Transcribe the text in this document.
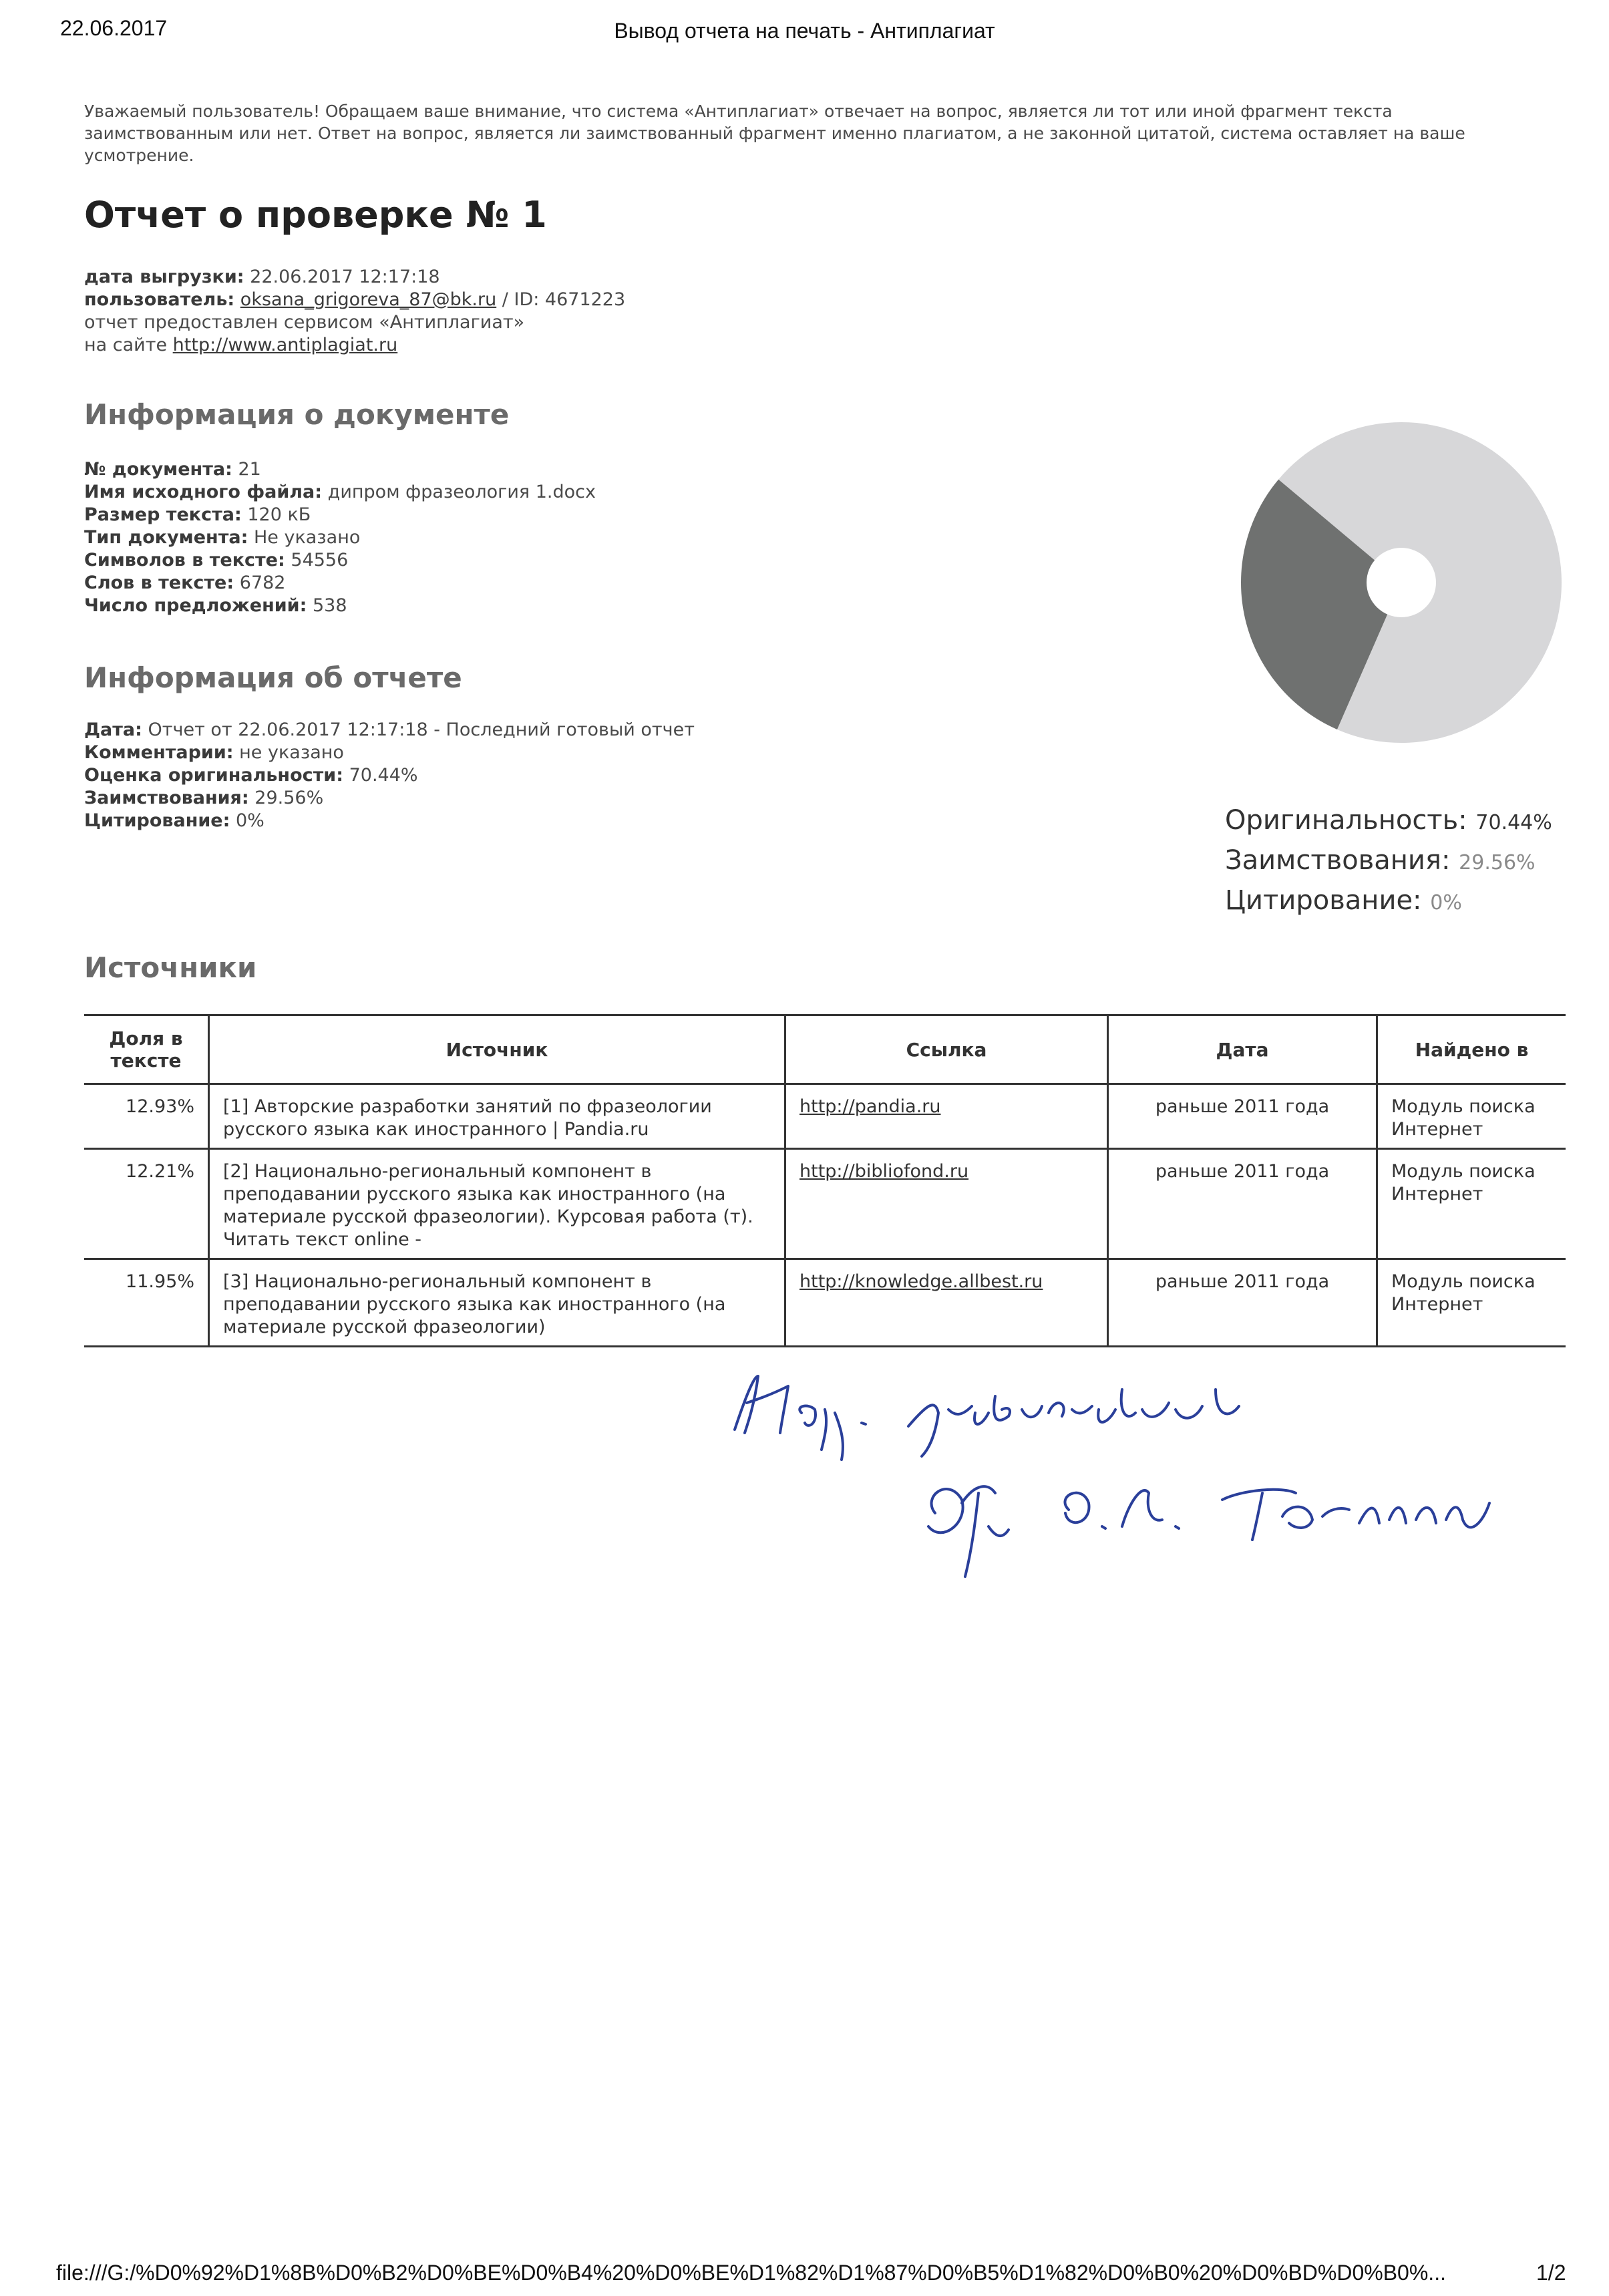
22.06.2017	Вывод отчета на печать - Антиплагиат

Уважаемый пользователь! Обращаем ваше внимание, что система «Антиплагиат» отвечает на вопрос, является ли тот или иной фрагмент текста заимствованным или нет. Ответ на вопрос, является ли заимствованный фрагмент именно плагиатом, а не законной цитатой, система оставляет на ваше усмотрение.

Отчет о проверке № 1
дата выгрузки: 22.06.2017 12:17:18
пользователь: oksana_grigoreva_87@bk.ru / ID: 4671223
отчет предоставлен сервисом «Антиплагиат»
на сайте http://www.antiplagiat.ru
Информация о документе
№ документа: 21
Имя исходного файла: дипром фразеология 1.docx
Размер текста: 120 кБ
Тип документа: Не указано
Символов в тексте: 54556
Слов в тексте: 6782
Число предложений: 538
Информация об отчете
Дата: Отчет от 22.06.2017 12:17:18 - Последний готовый отчет
Комментарии: не указано
Оценка оригинальности: 70.44%
Заимствования: 29.56%
Цитирование: 0%	Оригинальность: 70.44%
Заимствования: 29.56%
Цитирование: 0%
Источники
Доля в тексте	Источник	Ссылка	Дата	Найдено в
12.93%	[1] Авторские разработки занятий по фразеологии русского языка как иностранного | Pandia.ru	http://pandia.ru	раньше 2011 года	Модуль поиска Интернет
12.21%	[2] Национально-региональный компонент в преподавании русского языка как иностранного (на материале русской фразеологии). Курсовая работа (т). Читать текст online -	http://bibliofond.ru	раньше 2011 года	Модуль поиска Интернет
11.95%	[3] Национально-региональный компонент в преподавании русского языка как иностранного (на материале русской фразеологии)	http://knowledge.allbest.ru	раньше 2011 года	Модуль поиска Интернет
file:///G:/%D0%92%D1%8B%D0%B2%D0%BE%D0%B4%20%D0%BE%D1%82%D1%87%D0%B5%D1%82%D0%B0%20%D0%BD%D0%B0%...	1/2
